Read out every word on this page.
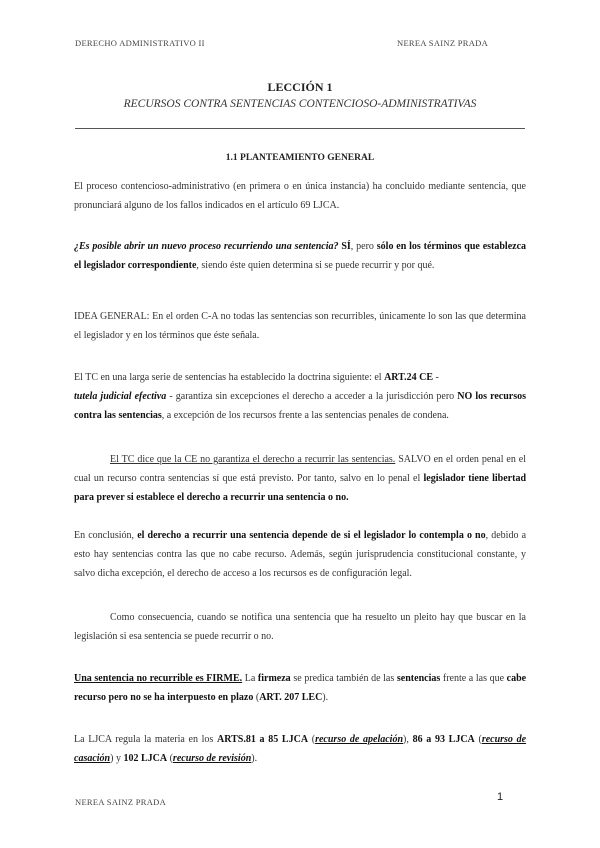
DERECHO ADMINISTRATIVO II	NEREA SAINZ PRADA
LECCIÓN 1
RECURSOS CONTRA SENTENCIAS CONTENCIOSO-ADMINISTRATIVAS
1.1 PLANTEAMIENTO GENERAL

El proceso contencioso-administrativo (en primera o en única instancia) ha concluido mediante sentencia, que pronunciará alguno de los fallos indicados en el artículo 69 LJCA.

¿Es posible abrir un nuevo proceso recurriendo una sentencia? SÍ, pero sólo en los términos que establezca el legislador correspondiente, siendo éste quien determina si se puede recurrir y por qué.

IDEA GENERAL: En el orden C-A no todas las sentencias son recurribles, únicamente lo son las que determina el legislador y en los términos que éste señala.

El TC en una larga serie de sentencias ha establecido la doctrina siguiente: el ART.24 CE -
tutela judicial efectiva - garantiza sin excepciones el derecho a acceder a la jurisdicción pero NO los recursos contra las sentencias, a excepción de los recursos frente a las sentencias penales de condena.

El TC dice que la CE no garantiza el derecho a recurrir las sentencias. SALVO en el orden penal en el cual un recurso contra sentencias sí que está previsto. Por tanto, salvo en lo penal el legislador tiene libertad para prever si establece el derecho a recurrir una sentencia o no.

En conclusión, el derecho a recurrir una sentencia depende de si el legislador lo contempla o no, debido a esto hay sentencias contra las que no cabe recurso. Además, según jurisprudencia constitucional constante, y salvo dicha excepción, el derecho de acceso a los recursos es de configuración legal.

Como consecuencia, cuando se notifica una sentencia que ha resuelto un pleito hay que buscar en la legislación si esa sentencia se puede recurrir o no.

Una sentencia no recurrible es FIRME. La firmeza se predica también de las sentencias frente a las que cabe recurso pero no se ha interpuesto en plazo (ART. 207 LEC).

La LJCA regula la materia en los ARTS.81 a 85 LJCA (recurso de apelación), 86 a 93 LJCA (recurso de casación) y 102 LJCA (recurso de revisión).

NEREA SAINZ PRADA	1
